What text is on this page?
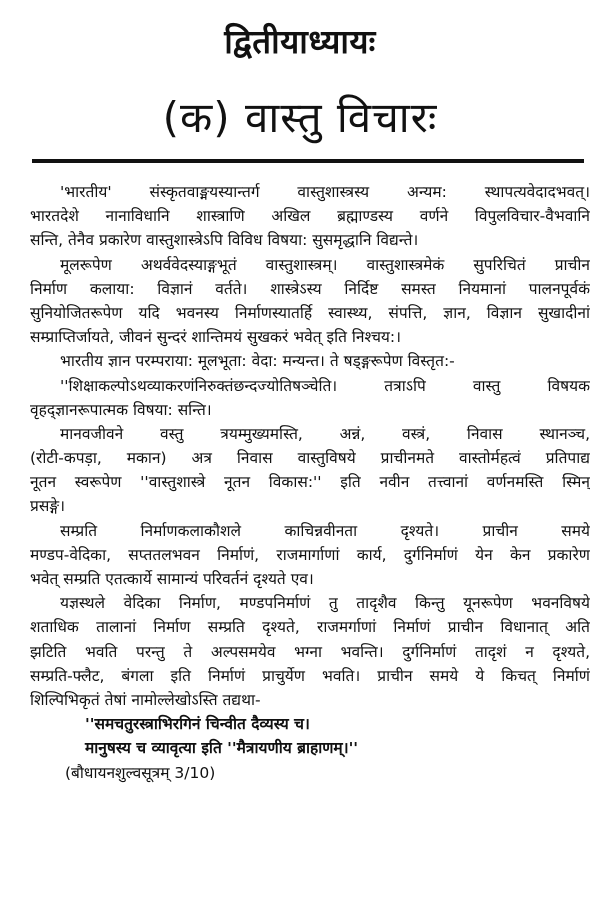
द्वितीयाध्यायः
(क) वास्तु विचारः
'भारतीय' संस्कृतवाङ्मयस्यान्तर्ग वास्तुशास्त्रस्य अन्यम: स्थापत्यवेदादभवत्।
भारतदेशे नानाविधानि शास्त्राणि अखिल ब्रह्माण्डस्य वर्णने विपुलविचार-वैभवानि
सन्ति, तेनैव प्रकारेण वास्तुशास्त्रेऽपि विविध विषया: सुसमृद्धानि विद्यन्ते।
मूलरूपेण अथर्ववेदस्याङ्गभूतं वास्तुशास्त्रम्। वास्तुशास्त्रमेकं सुपरिचितं प्राचीन
निर्माण कलाया: विज्ञानं वर्तते। शास्त्रेऽस्य निर्दिष्ट समस्त नियमानां पालनपूर्वकं
सुनियोजितरूपेण यदि भवनस्य निर्माणस्यातर्हि स्वास्थ्य, संपत्ति, ज्ञान, विज्ञान सुखादीनां
सम्प्राप्तिर्जायते, जीवनं सुन्दरं शान्तिमयं सुखकरं भवेत् इति निश्चय:।
भारतीय ज्ञान परम्पराया: मूलभूता: वेदा: मन्यन्त। ते षड्ङ्गरूपेण विस्तृत:-
''शिक्षाकल्पोऽथव्याकरणंनिरुक्तंछन्दज्योतिषञ्चेति। तत्राऽपि वास्तु विषयक
वृहद्ज्ञानरूपात्मक विषया: सन्ति।
मानवजीवने वस्तु त्रयम्मुख्यमस्ति, अन्नं, वस्त्रं, निवास स्थानञ्च,
(रोटी-कपड़ा, मकान) अत्र निवास वास्तुविषये प्राचीनमते वास्तोर्महत्वं प्रतिपाद्य
नूतन स्वरूपेण ''वास्तुशास्त्रे नूतन विकास:'' इति नवीन तत्त्वानां वर्णनमस्ति स्मिन्
प्रसङ्गे।
सम्प्रति निर्माणकलाकौशले काचिन्नवीनता दृश्यते। प्राचीन समये
मण्डप-वेदिका, सप्ततलभवन निर्माणं, राजमार्गाणां कार्य, दुर्गनिर्माणं येन केन प्रकारेण
भवेत् सम्प्रति एतत्कार्ये सामान्यं परिवर्तनं दृश्यते एव।
यज्ञस्थले वेदिका निर्माण, मण्डपनिर्माणं तु तादृशैव किन्तु यूनरूपेण भवनविषये
शताधिक तालानां निर्माण सम्प्रति दृश्यते, राजमर्गाणां निर्माणं प्राचीन विधानात् अति
झटिति भवति परन्तु ते अल्पसमयेव भग्ना भवन्ति। दुर्गनिर्माणं तादृशं न दृश्यते,
सम्प्रति-फ्लैट, बंगला इति निर्माणं प्राचुर्येण भवति। प्राचीन समये ये किचत् निर्माणं
शिल्पिभिकृतं तेषां नामोल्लेखोऽस्ति तद्यथा-
''समचतुरस्त्राभिरगिनं चिन्वीत दैव्यस्य च।
मानुषस्य च व्यावृत्या इति ''मैत्रायणीय ब्राहाणम्।''
(बौधायनशुल्वसूत्रम् 3/10)
